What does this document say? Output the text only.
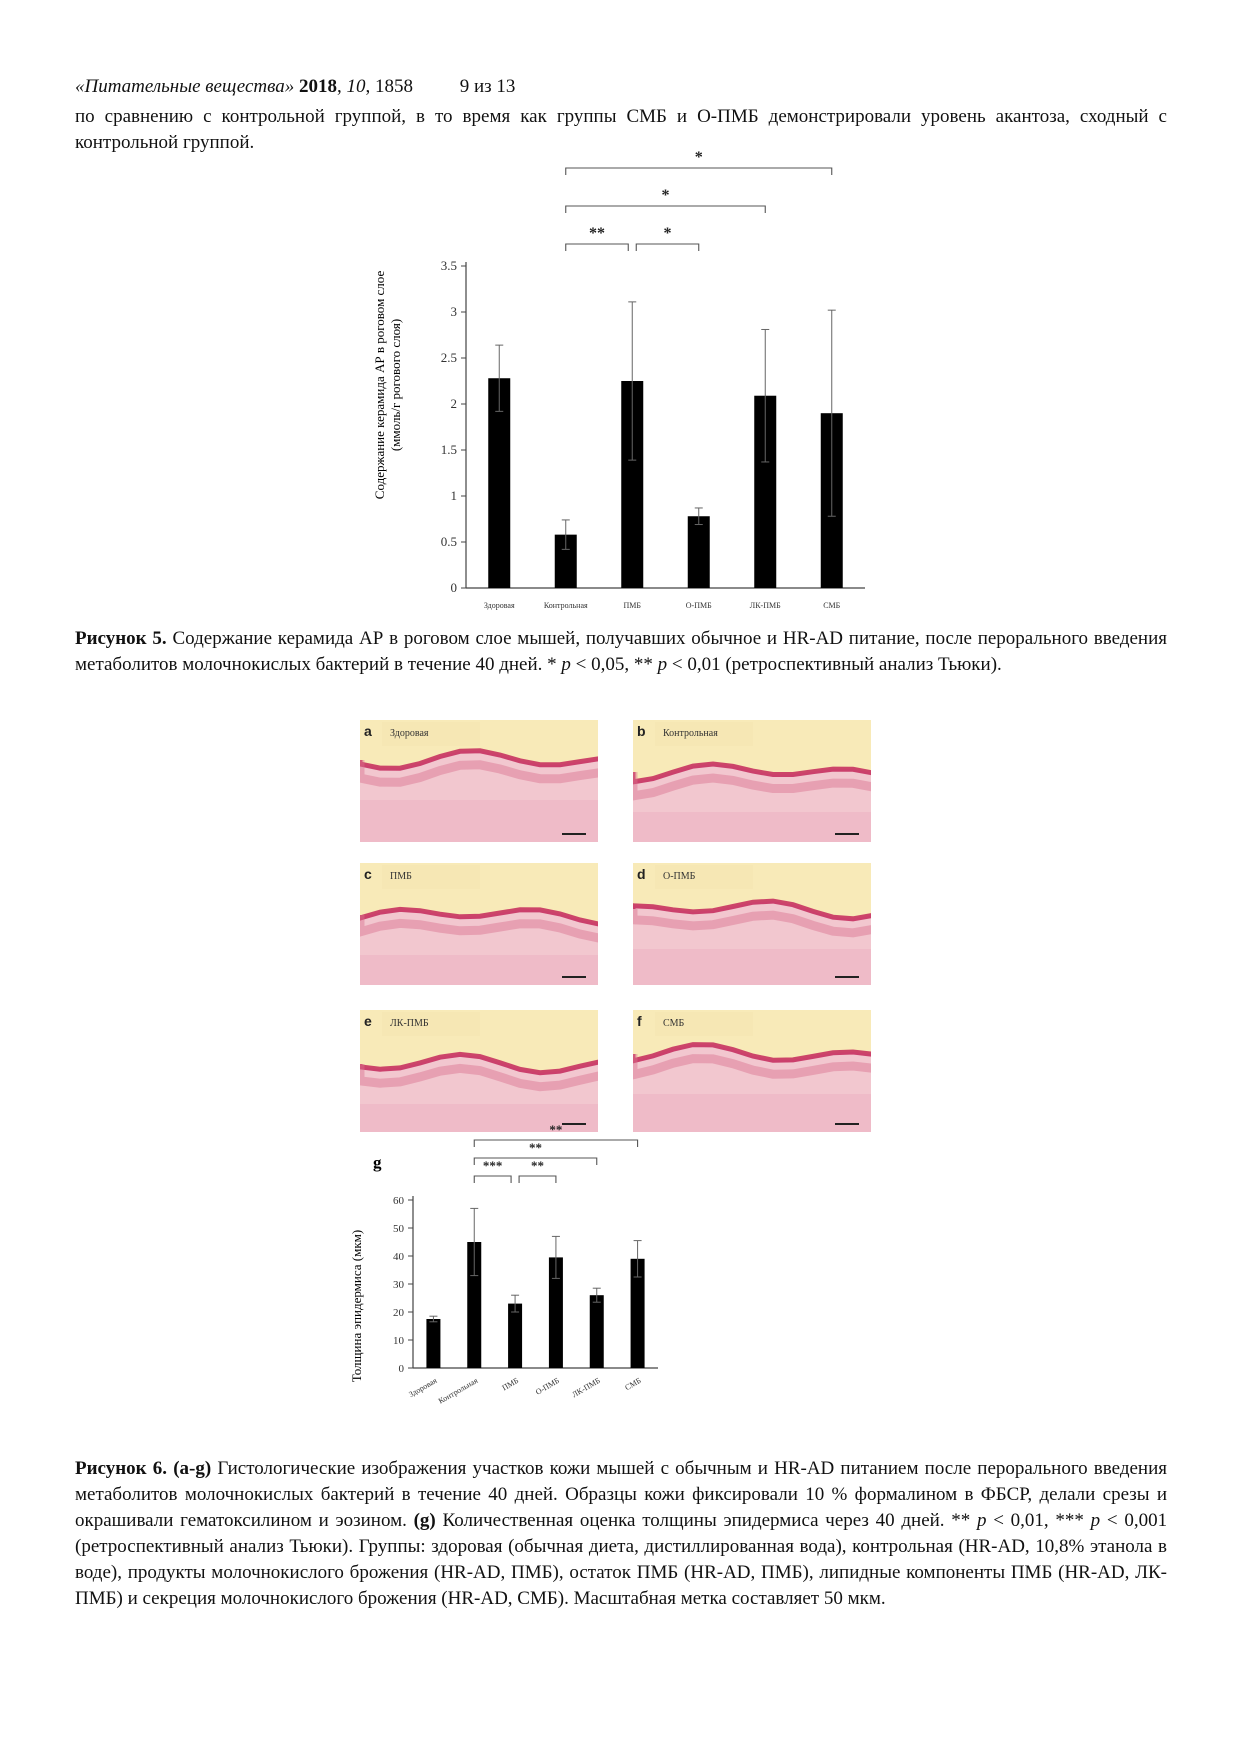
«Питательные вещества» 2018, 10, 1858 9 из 13
по сравнению с контрольной группой, в то время как группы СМБ и О-ПМБ демонстрировали уровень акантоза, сходный с контрольной группой.
Содержание керамида АР в роговом слое (ммоль/г рогового слоя)
0
0.5
1
1.5
2
2.5
3
3.5
Здоровая	Контрольная	ПМБ	О-ПМБ	ЛК-ПМБ	СМБ
*
*
**	*
Рисунок 5. Содержание керамида АР в роговом слое мышей, получавших обычное и HR-AD питание, после перорального введения метаболитов молочнокислых бактерий в течение 40 дней. * p < 0,05, ** p < 0,01 (ретроспективный анализ Тьюки).
a	Здоровая	b	Контрольная
c	ПМБ	d	О-ПМБ
e	ЛК-ПМБ	f	СМБ
g
Толщина эпидермиса (мкм)	0
10
20
30
40
50
60
Здоровая
Контрольная	ПМБ О-ПМБ ЛК-ПМБ	СМБ
**
**
*** **
Рисунок 6. (a-g) Гистологические изображения участков кожи мышей с обычным и HR-AD питанием после перорального введения метаболитов молочнокислых бактерий в течение 40 дней. Образцы кожи фиксировали 10 % формалином в ФБСР, делали срезы и окрашивали гематоксилином и эозином. (g) Количественная оценка толщины эпидермиса через 40 дней. ** p < 0,01, *** p < 0,001 (ретроспективный анализ Тьюки). Группы: здоровая (обычная диета, дистиллированная вода), контрольная (HR-AD, 10,8% этанола в воде), продукты молочнокислого брожения (HR-AD, ПМБ), остаток ПМБ (HR-AD, ПМБ), липидные компоненты ПМБ (HR-AD, ЛК-ПМБ) и секреция молочнокислого брожения (HR-AD, СМБ). Масштабная метка составляет 50 мкм.
